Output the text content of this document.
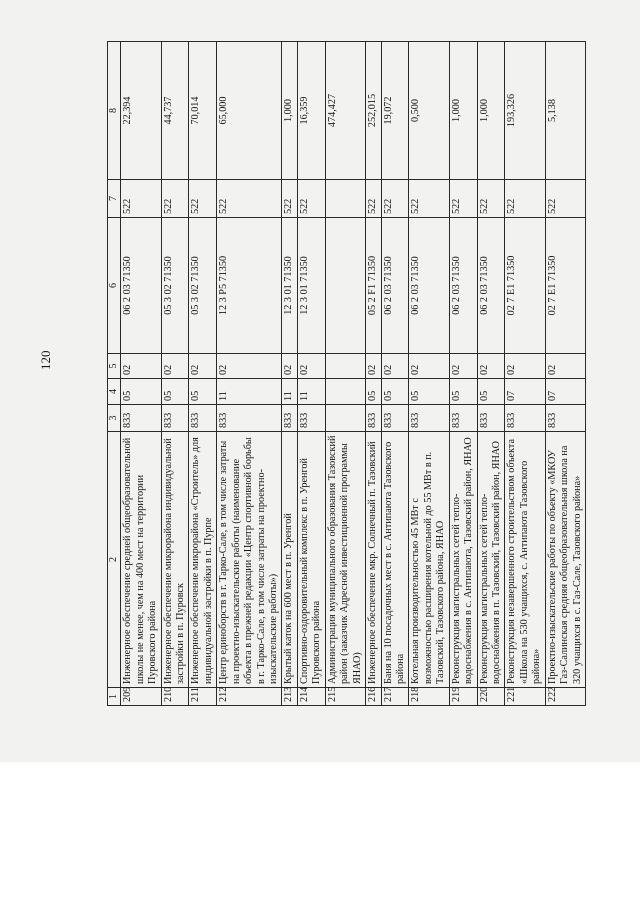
120
1	2	3	4	5	6	7	8
209	Инженерное обеспечение средней общеобразовательной школы не менее, чем на 400 мест на территории Пуровского района	833	05	02	06 2 03 71350	522	22,394
210	Инженерное обеспечение микрорайона индивидуальной застройки в п. Пуровск	833	05	02	05 3 02 71350	522	44,737
211	Инженерное обеспечение микрорайона «Строитель» для индивидуальной застройки в п. Пурпе	833	05	02	05 3 02 71350	522	70,014
212	Центр единоборств в г. Тарко-Сале, в том числе затраты на проектно-изыскательские работы (наименование объекта в прежней редакции «Центр спортивной борьбы в г. Тарко-Сале, в том числе затраты на проектно-изыскательские работы»)	833	11	02	12 3 P5 71350	522	65,000
213	Крытый каток на 600 мест в п. Уренгой	833	11	02	12 3 01 71350	522	1,000
214	Спортивно-оздоровительный комплекс в п. Уренгой Пуровского района	833	11	02	12 3 01 71350	522	16,359
215	Администрация муниципального образования Тазовский район (заказчик Адресной инвестиционной программы ЯНАО)						474,427
216	Инженерное обеспечение мкр. Солнечный п. Тазовский	833	05	02	05 2 F1 71350	522	252,015
217	Баня на 10 посадочных мест в с. Антипаюта Тазовского района	833	05	02	06 2 03 71350	522	19,072
218	Котельная производительностью 45 МВт с возможностью расширения котельной до 55 МВт в п. Тазовский, Тазовского района, ЯНАО	833	05	02	06 2 03 71350	522	0,500
219	Реконструкция магистральных сетей тепло-водоснабжения в с. Антипаюта, Тазовский район, ЯНАО	833	05	02	06 2 03 71350	522	1,000
220	Реконструкция магистральных сетей тепло-водоснабжения в п. Тазовский, Тазовский район, ЯНАО	833	05	02	06 2 03 71350	522	1,000
221	Реконструкция незавершенного строительством объекта «Школа на 530 учащихся, с. Антипаюта Тазовского района»	833	07	02	02 7 E1 71350	522	193,326
222	Проектно-изыскательские работы по объекту «МКОУ Газ-Салинская средняя общеобразовательная школа на 320 учащихся в с. Газ-Сале, Тазовского района»	833	07	02	02 7 E1 71350	522	5,138
